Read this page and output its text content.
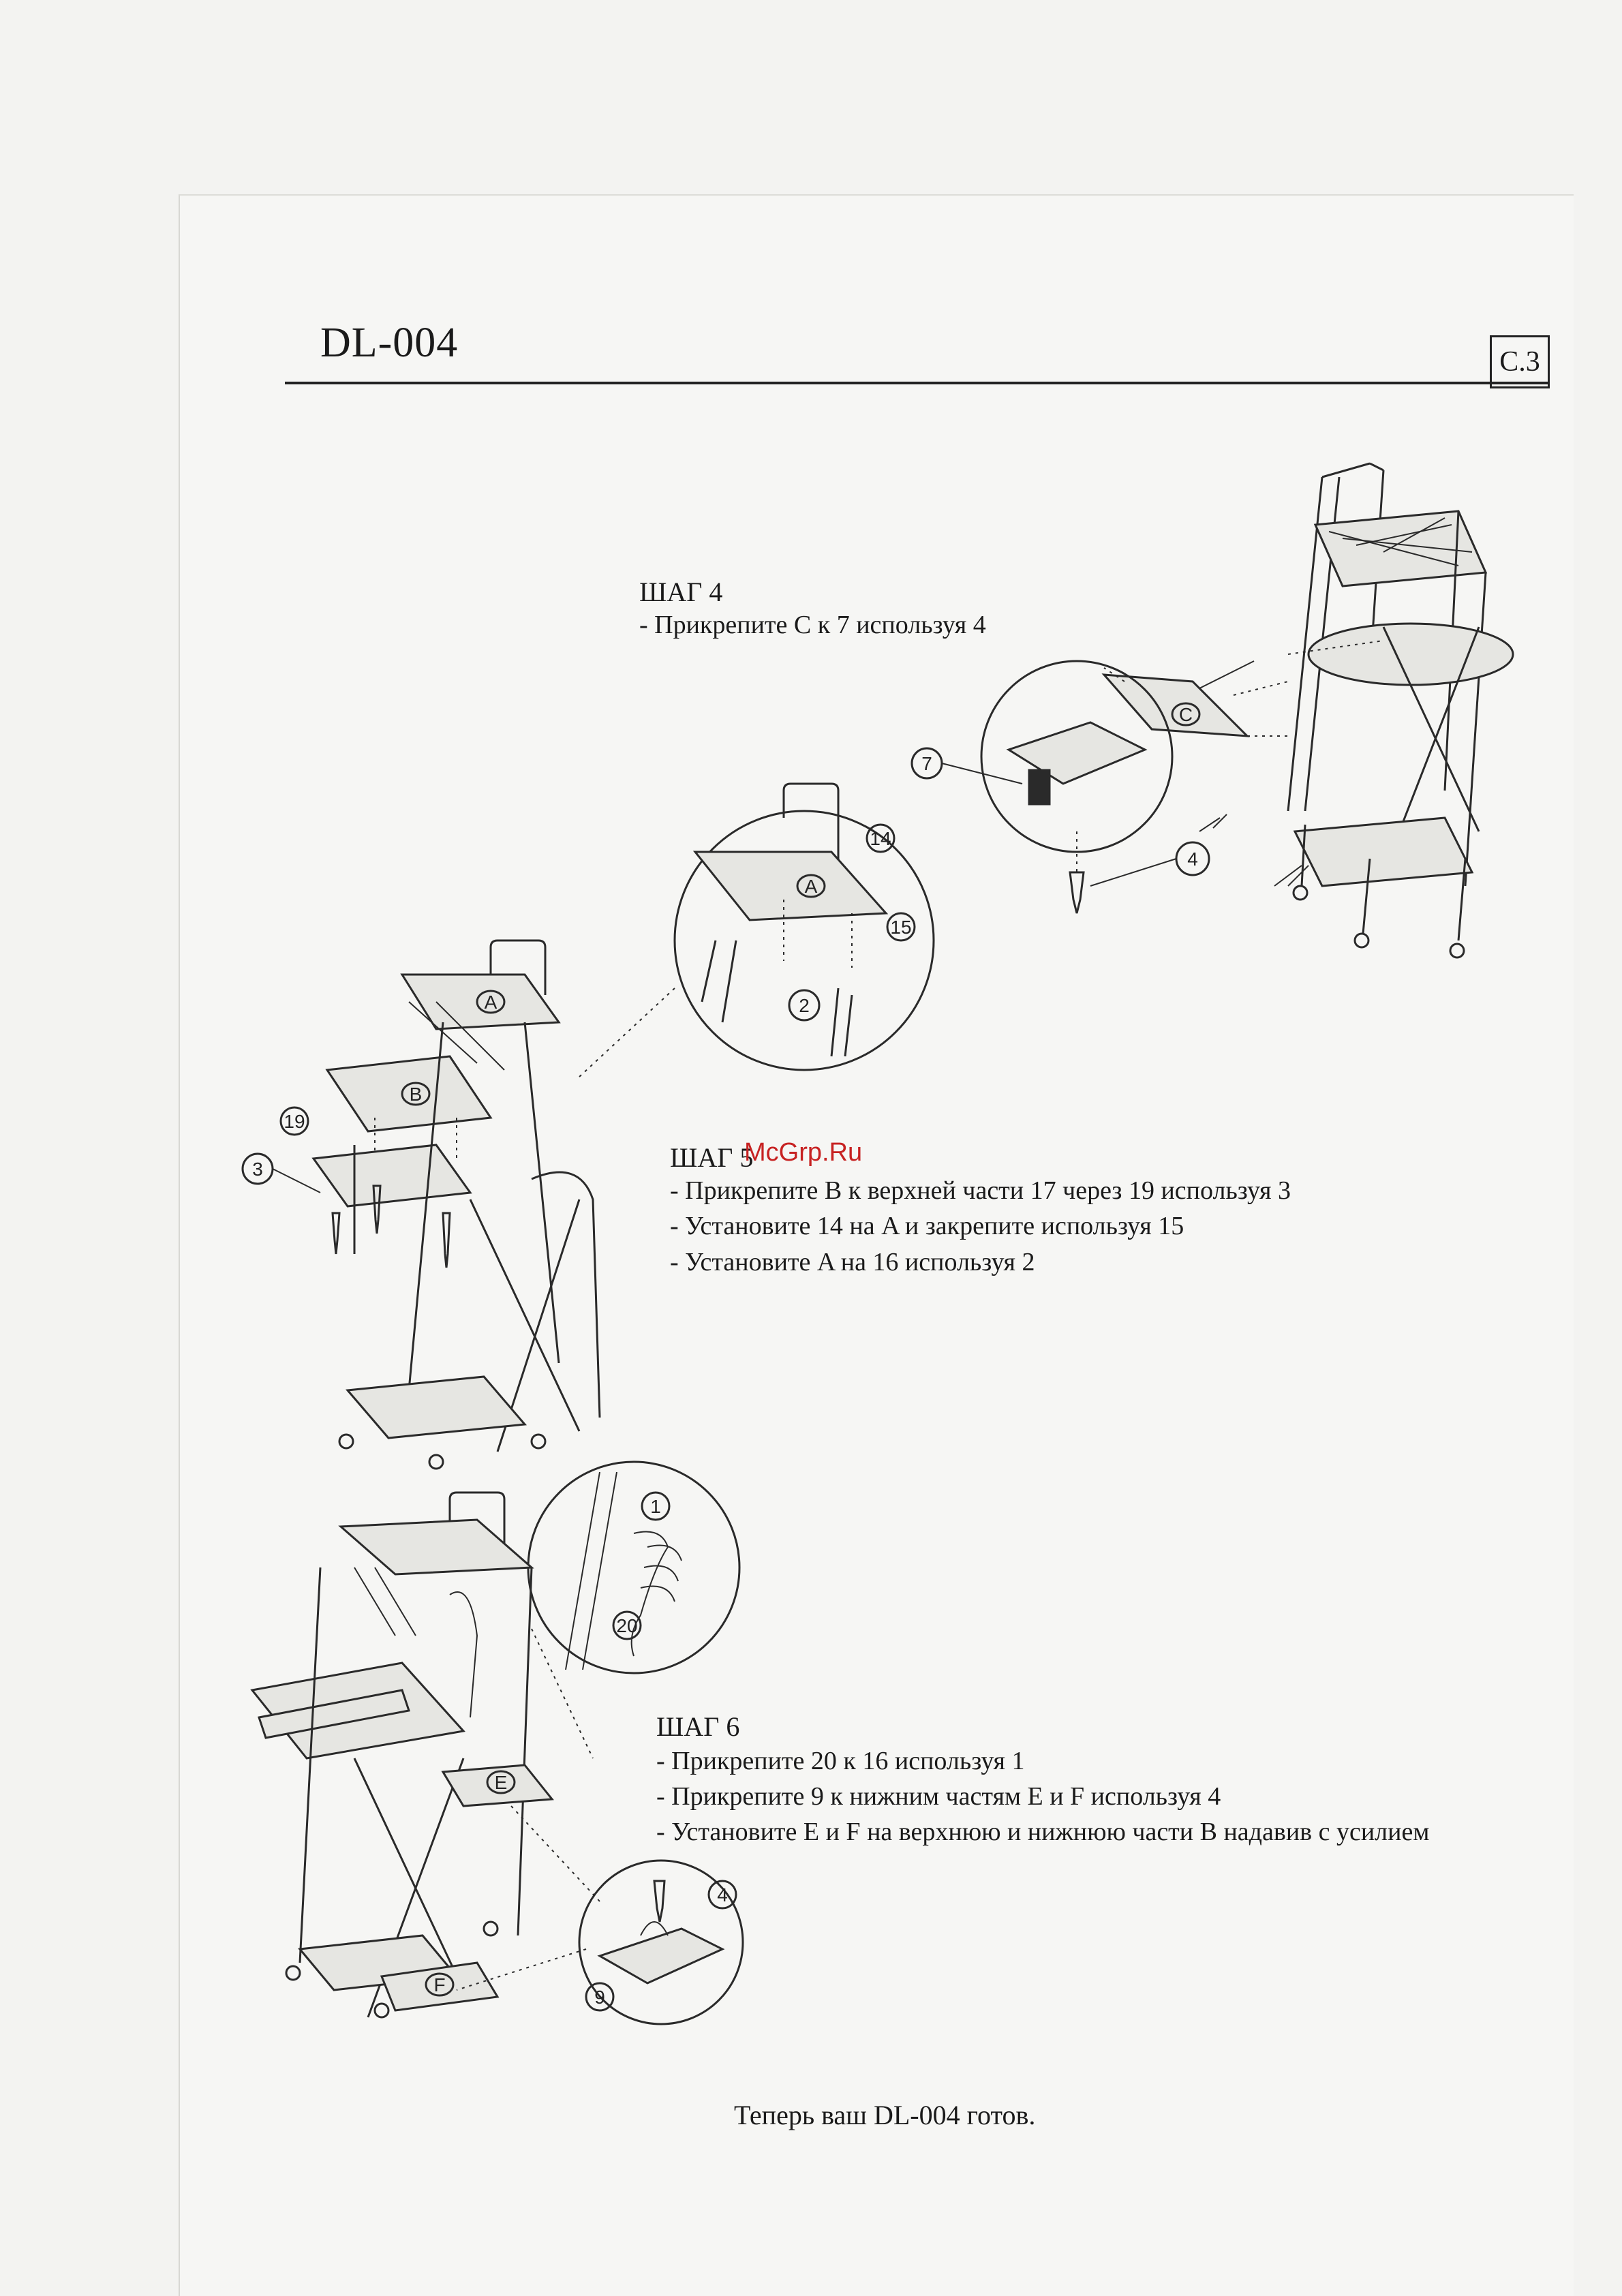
DL-004	C.3
ШАГ 4
- Прикрепите C к 7 используя 4
C
7
4
ШАГ 5
- Прикрепите B к верхней части 17 через 19 используя 3
- Установите 14 на A и закрепите используя 15
- Установите A на 16 используя 2
McGrp.Ru
A
14
15
2
A
B
19
3
ШАГ 6
- Прикрепите 20 к 16 используя 1
- Прикрепите 9 к нижним частям E и F используя 4
- Установите E и F на верхнюю и нижнюю части B надавив с усилием
1
20
E
F
4
9
Теперь ваш DL-004 готов.
